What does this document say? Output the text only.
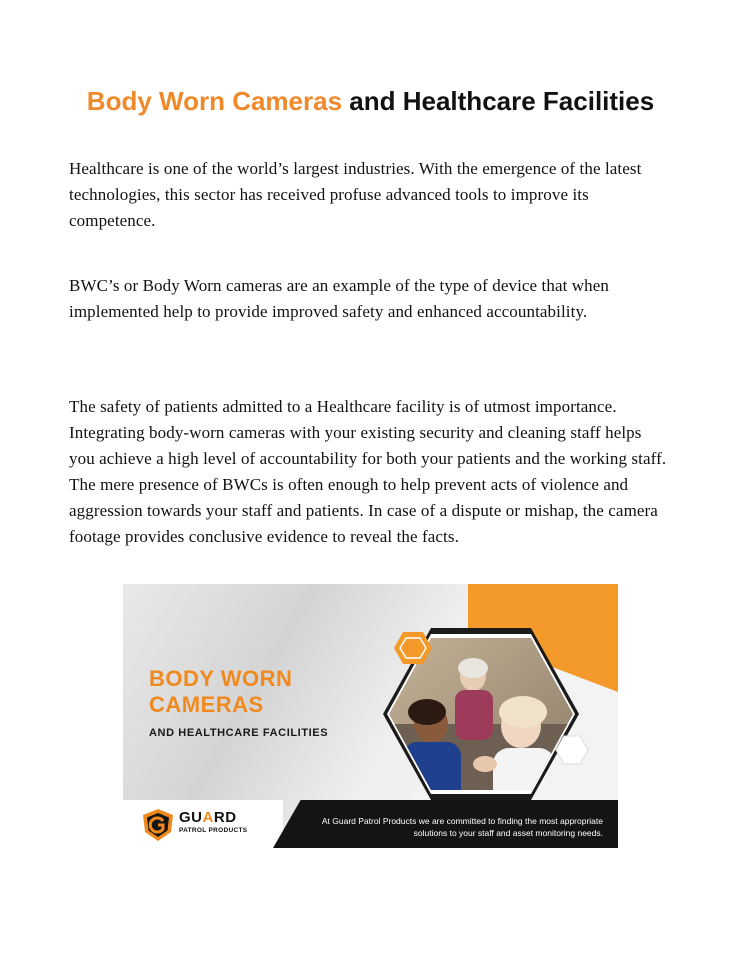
Body Worn Cameras and Healthcare Facilities

Healthcare is one of the world’s largest industries. With the emergence of the latest technologies, this sector has received profuse advanced tools to improve its competence.

BWC’s or Body Worn cameras are an example of the type of device that when implemented help to provide improved safety and enhanced accountability.

The safety of patients admitted to a Healthcare facility is of utmost importance. Integrating body-worn cameras with your existing security and cleaning staff helps you achieve a high level of accountability for both your patients and the working staff. The mere presence of BWCs is often enough to help prevent acts of violence and aggression towards your staff and patients. In case of a dispute or mishap, the camera footage provides conclusive evidence to reveal the facts.

BODY WORN
CAMERAS
AND HEALTHCARE FACILITIES
GUARD
PATROL PRODUCTS
At Guard Patrol Products we are committed to finding the most appropriate solutions to your staff and asset monitoring needs.
